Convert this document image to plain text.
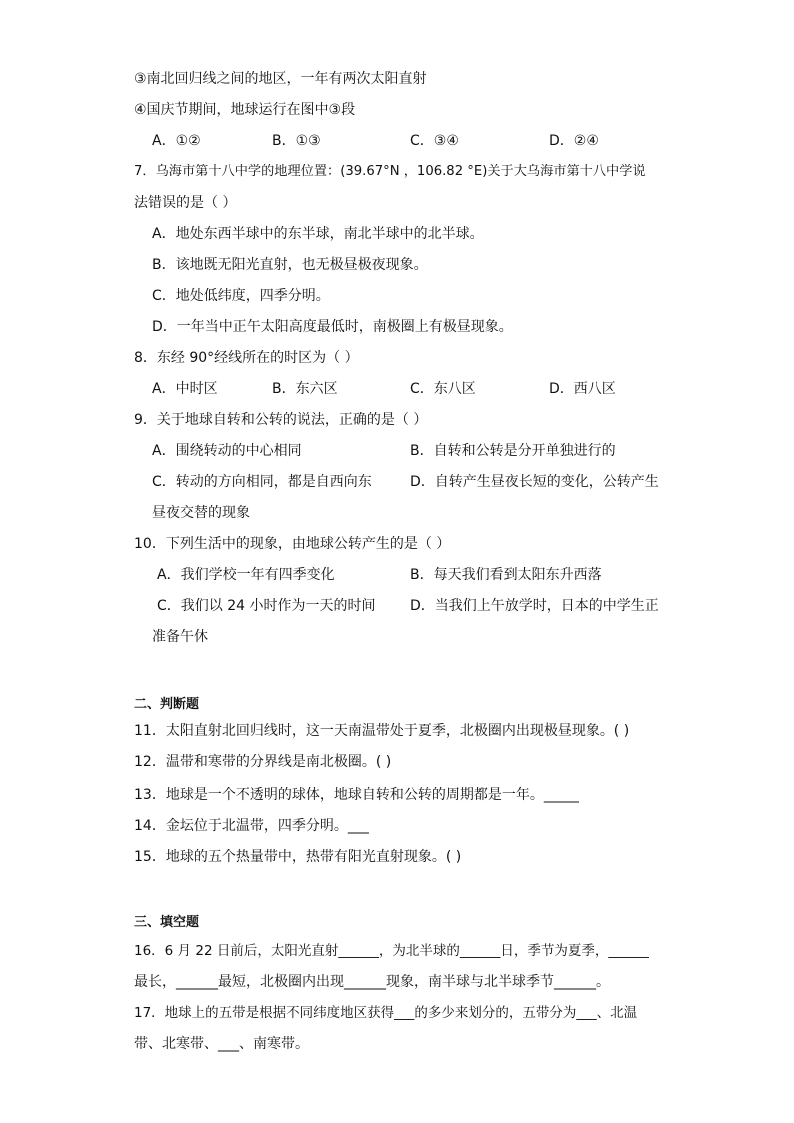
③南北回归线之间的地区，一年有两次太阳直射
④国庆节期间，地球运行在图中③段
A．①②	B．①③	C．③④	D．②④
7．乌海市第十八中学的地理位置：(39.67°N ，106.82 °E)关于大乌海市第十八中学说
法错误的是（ ）
A．地处东西半球中的东半球，南北半球中的北半球。
B．该地既无阳光直射，也无极昼极夜现象。
C．地处低纬度，四季分明。
D．一年当中正午太阳高度最低时，南极圈上有极昼现象。
8．东经 90°经线所在的时区为（ ）
A．中时区	B．东六区	C．东八区	D．西八区
9．关于地球自转和公转的说法，正确的是（ ）
A．围绕转动的中心相同	B．自转和公转是分开单独进行的
C．转动的方向相同，都是自西向东	D．自转产生昼夜长短的变化，公转产生
昼夜交替的现象
10．下列生活中的现象，由地球公转产生的是（ ）
A．我们学校一年有四季变化	B．每天我们看到太阳东升西落
C．我们以 24 小时作为一天的时间 D．当我们上午放学时，日本的中学生正
准备午休
二、判断题
11．太阳直射北回归线时，这一天南温带处于夏季，北极圈内出现极昼现象。( )
12．温带和寒带的分界线是南北极圈。( )
13．地球是一个不透明的球体，地球自转和公转的周期都是一年。_____
14．金坛位于北温带，四季分明。___
15．地球的五个热量带中，热带有阳光直射现象。( )
三、填空题
16．6 月 22 日前后，太阳光直射______，为北半球的______日，季节为夏季，______
最长，______最短，北极圈内出现______现象，南半球与北半球季节______。
17．地球上的五带是根据不同纬度地区获得___的多少来划分的，五带分为___、北温
带、北寒带、___、南寒带。
